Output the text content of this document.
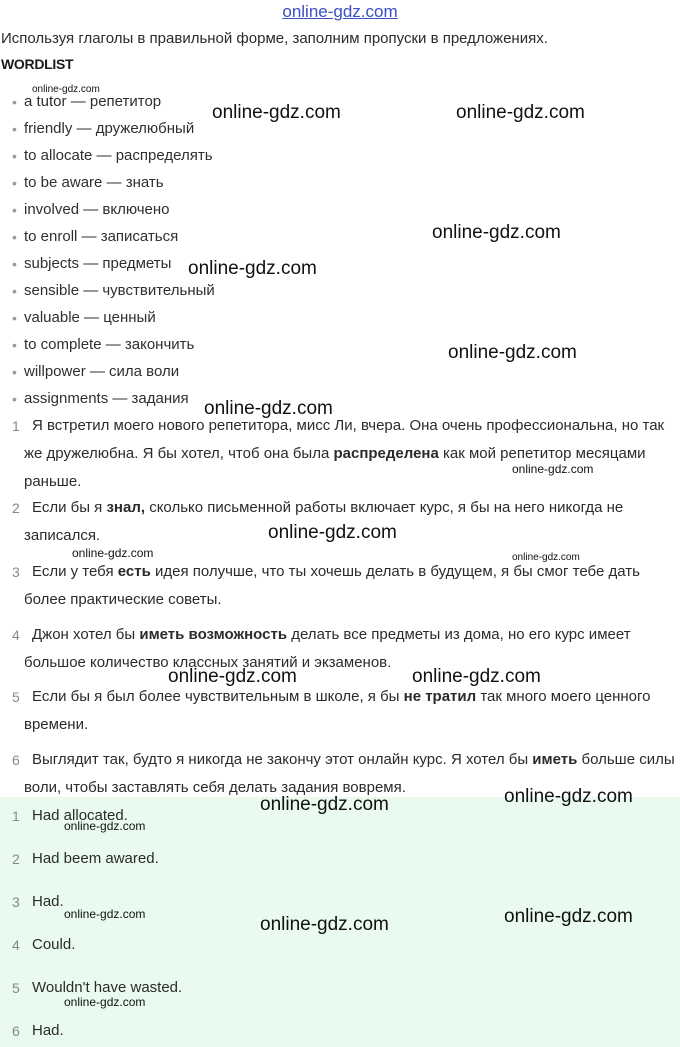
online-gdz.com
Используя глаголы в правильной форме, заполним пропуски в предложениях.
WORDLIST
• a tutor — репетитор
• friendly — дружелюбный
• to allocate — распределять
• to be aware — знать
• involved — включено
• to enroll — записаться
• subjects — предметы
• sensible — чувствительный
• valuable — ценный
• to complete — закончить
• willpower — сила воли
• assignments — задания
1 Я встретил моего нового репетитора, мисс Ли, вчера. Она очень профессиональна, но так же дружелюбна. Я бы хотел, чтоб она была распределена как мой репетитор месяцами раньше.
2 Если бы я знал, сколько письменной работы включает курс, я бы на него никогда не записался.
3 Если у тебя есть идея получше, что ты хочешь делать в будущем, я бы смог тебе дать более практические советы.
4 Джон хотел бы иметь возможность делать все предметы из дома, но его курс имеет большое количество классных занятий и экзаменов.
5 Если бы я был более чувствительным в школе, я бы не тратил так много моего ценного времени.
6 Выглядит так, будто я никогда не закончу этот онлайн курс. Я хотел бы иметь больше силы воли, чтобы заставлять себя делать задания вовремя.
1 Had allocated.
2 Had beem awared.
3 Had.
4 Could.
5 Wouldn't have wasted.
6 Had.
online-gdz.com
online-gdz.com	online-gdz.com
online-gdz.com
online-gdz.com
online-gdz.com
online-gdz.com
online-gdz.com
online-gdz.com
online-gdz.com	online-gdz.com
online-gdz.com	online-gdz.com
online-gdz.com	online-gdz.com
online-gdz.com
online-gdz.com	online-gdz.com	online-gdz.com
online-gdz.com
